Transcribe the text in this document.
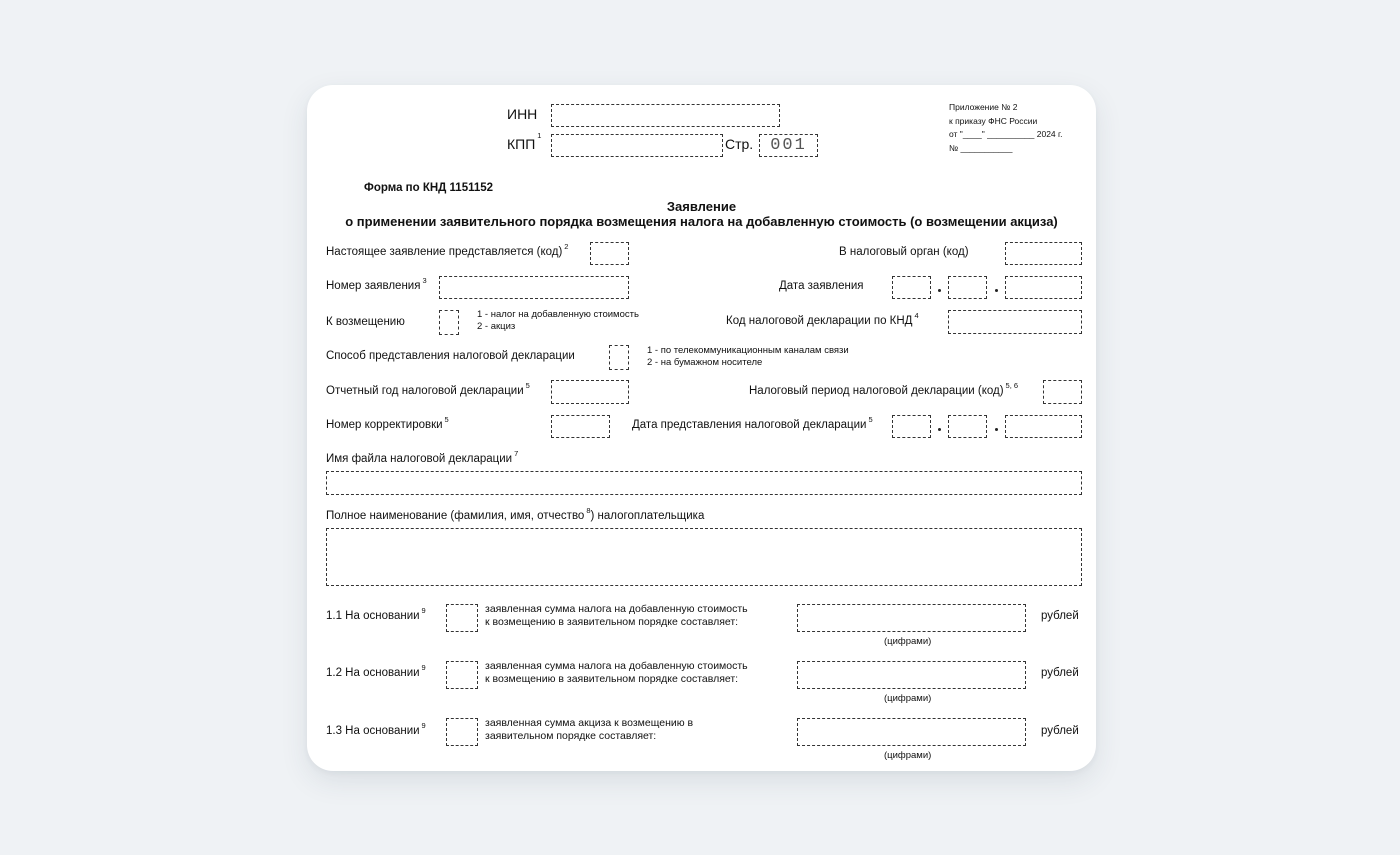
ИНН
КПП$^1$
Стр. 001
Приложение № 2
к приказу ФНС России
от "____" __________ 2024 г.
№ ___________
Форма по КНД 1151152
Заявление
о применении заявительного порядка возмещения налога на добавленную стоимость (о возмещении акциза)
Настоящее заявление представляется (код) $^2$	В налоговый орган (код)
Номер заявления $^3$	Дата заявления
К возмещению
1 - налог на добавленную стоимость
2 - акциз	Код налоговой декларации по КНД $^4$
Способ представления налоговой декларации	1 - по телекоммуникационным каналам связи
2 - на бумажном носителе
Отчетный год налоговой декларации $^5$	Налоговый период налоговой декларации (код) $^{5, 6}$
Номер корректировки $^5$	Дата представления налоговой декларации $^5$
Имя файла налоговой декларации $^7$
Полное наименование (фамилия, имя, отчество $^8$) налогоплательщика
1.1 На основании $^9$	заявленная сумма налога на добавленную стоимость
к возмещению в заявительном порядке составляет:	рублей
(цифрами)
1.2 На основании $^9$	заявленная сумма налога на добавленную стоимость
к возмещению в заявительном порядке составляет:	рублей
(цифрами)
1.3 На основании $^9$	заявленная сумма акциза к возмещению в
заявительном порядке составляет:	рублей
(цифрами)
